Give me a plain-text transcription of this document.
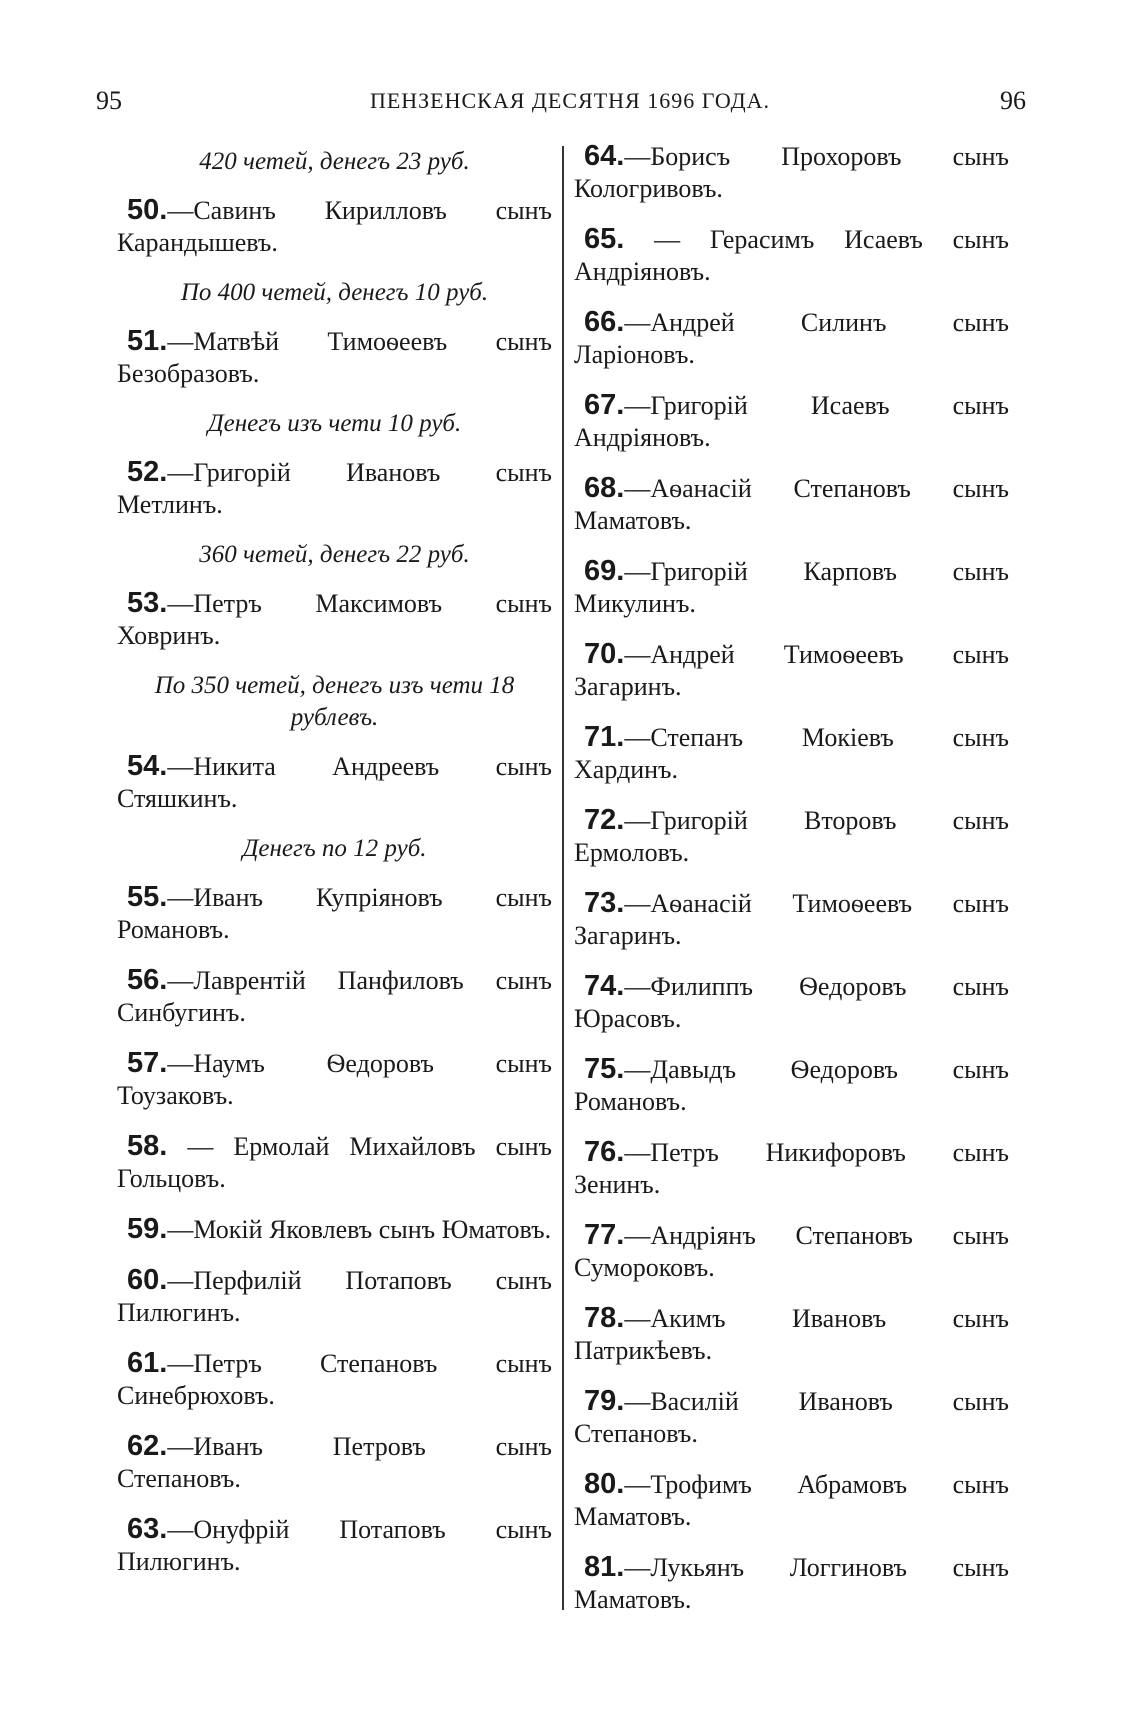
95	ПЕНЗЕНСКАЯ ДЕСЯТНЯ 1696 ГОДА.	96
420 четей, денегъ 23 руб.
50.—Савинъ Кирилловъ сынъ Карандышевъ.
По 400 четей, денегъ 10 руб.
51.—Матвѣй Тимоѳеевъ сынъ Безобразовъ.
Денегъ изъ чети 10 руб.
52.—Григорій Ивановъ сынъ Метлинъ.
360 четей, денегъ 22 руб.
53.—Петръ Максимовъ сынъ Ховринъ.
По 350 четей, денегъ изъ чети 18 рублевъ.
54.—Никита Андреевъ сынъ Стяшкинъ.
Денегъ по 12 руб.
55.—Иванъ Купріяновъ сынъ Романовъ.
56.—Лаврентій Панфиловъ сынъ Синбугинъ.
57.—Наумъ Ѳедоровъ сынъ Тоузаковъ.
58. — Ермолай Михайловъ сынъ Гольцовъ.
59.—Мокій Яковлевъ сынъ Юматовъ.
60.—Перфилій Потаповъ сынъ Пилюгинъ.
61.—Петръ Степановъ сынъ Синебрюховъ.
62.—Иванъ Петровъ сынъ Степановъ.
63.—Онуфрій Потаповъ сынъ Пилюгинъ.
64.—Борисъ Прохоровъ сынъ Кологривовъ.
65. — Герасимъ Исаевъ сынъ Андріяновъ.
66.—Андрей Силинъ сынъ Ларіоновъ.
67.—Григорій Исаевъ сынъ Андріяновъ.
68.—Аѳанасій Степановъ сынъ Маматовъ.
69.—Григорій Карповъ сынъ Микулинъ.
70.—Андрей Тимоѳеевъ сынъ Загаринъ.
71.—Степанъ Мокіевъ сынъ Хардинъ.
72.—Григорій Второвъ сынъ Ермоловъ.
73.—Аѳанасій Тимоѳеевъ сынъ Загаринъ.
74.—Филиппъ Ѳедоровъ сынъ Юрасовъ.
75.—Давыдъ Ѳедоровъ сынъ Романовъ.
76.—Петръ Никифоровъ сынъ Зенинъ.
77.—Андріянъ Степановъ сынъ Сумороковъ.
78.—Акимъ Ивановъ сынъ Патрикѣевъ.
79.—Василій Ивановъ сынъ Степановъ.
80.—Трофимъ Абрамовъ сынъ Маматовъ.
81.—Лукьянъ Логгиновъ сынъ Маматовъ.
